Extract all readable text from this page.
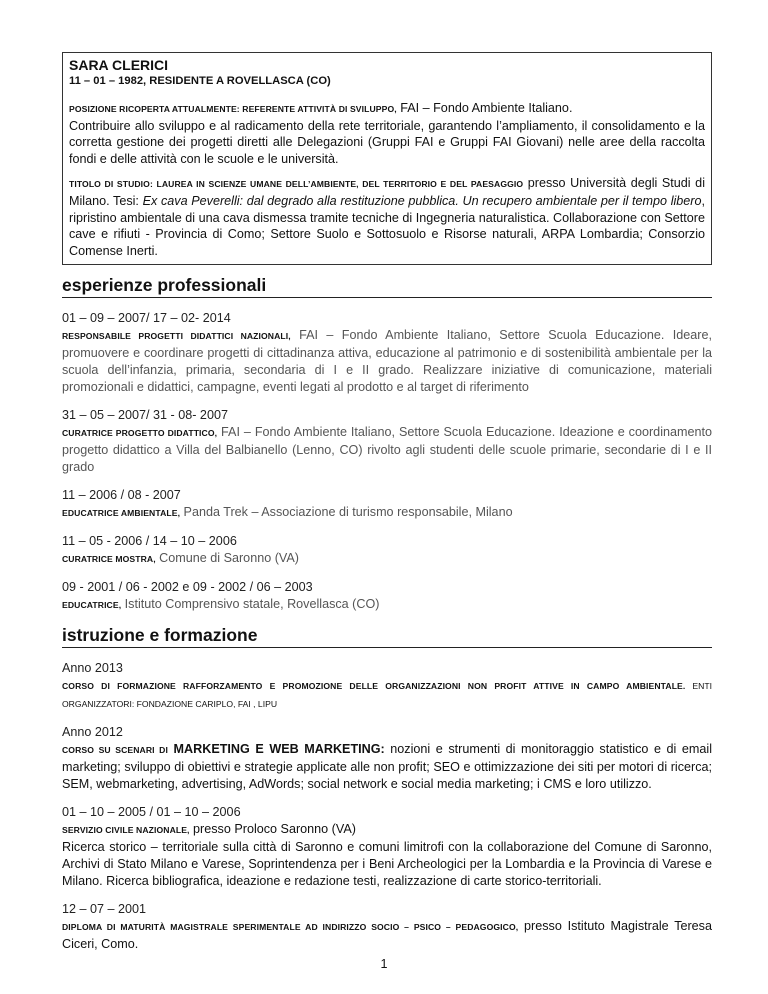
SARA CLERICI
11 – 01 – 1982, RESIDENTE A ROVELLASCA (CO)
POSIZIONE RICOPERTA ATTUALMENTE: REFERENTE ATTIVITÀ DI SVILUPPO, FAI – Fondo Ambiente Italiano.
Contribuire allo sviluppo e al radicamento della rete territoriale, garantendo l’ampliamento, il consolidamento e la corretta gestione dei progetti diretti alle Delegazioni (Gruppi FAI e Gruppi FAI Giovani) nelle aree della raccolta fondi e delle attività con le scuole e le università.
TITOLO DI STUDIO: LAUREA IN SCIENZE UMANE DELL’AMBIENTE, DEL TERRITORIO E DEL PAESAGGIO presso Università degli Studi di Milano. Tesi: Ex cava Peverelli: dal degrado alla restituzione pubblica. Un recupero ambientale per il tempo libero, ripristino ambientale di una cava dismessa tramite tecniche di Ingegneria naturalistica. Collaborazione con Settore cave e rifiuti - Provincia di Como; Settore Suolo e Sottosuolo e Risorse naturali, ARPA Lombardia; Consorzio Comense Inerti.
esperienze professionali
01 – 09 – 2007/ 17 – 02- 2014
RESPONSABILE PROGETTI DIDATTICI NAZIONALI, FAI – Fondo Ambiente Italiano, Settore Scuola Educazione. Ideare, promuovere e coordinare progetti di cittadinanza attiva, educazione al patrimonio e di sostenibilità ambientale per la scuola dell’infanzia, primaria, secondaria di I e II grado. Realizzare iniziative di comunicazione, materiali promozionali e didattici, campagne, eventi legati al prodotto e al target di riferimento
31 – 05 – 2007/ 31 - 08- 2007
CURATRICE PROGETTO DIDATTICO, FAI – Fondo Ambiente Italiano, Settore Scuola Educazione. Ideazione e coordinamento progetto didattico a Villa del Balbianello (Lenno, CO) rivolto agli studenti delle scuole primarie, secondarie di I e II grado
11 – 2006 / 08 - 2007
EDUCATRICE AMBIENTALE, Panda Trek – Associazione di turismo responsabile, Milano
11 – 05 - 2006 / 14 – 10 – 2006
CURATRICE MOSTRA, Comune di Saronno (VA)
09 - 2001 / 06 - 2002 e 09 - 2002 / 06 – 2003
EDUCATRICE, Istituto Comprensivo statale, Rovellasca (CO)
istruzione e formazione
Anno 2013
CORSO DI FORMAZIONE RAFFORZAMENTO E PROMOZIONE DELLE ORGANIZZAZIONI NON PROFIT ATTIVE IN CAMPO AMBIENTALE. ENTI ORGANIZZATORI: FONDAZIONE CARIPLO, FAI , LIPU
Anno 2012
CORSO SU SCENARI DI MARKETING E WEB MARKETING: nozioni e strumenti di monitoraggio statistico e di email marketing; sviluppo di obiettivi e strategie applicate alle non profit; SEO e ottimizzazione dei siti per motori di ricerca; SEM, webmarketing, advertising, AdWords; social network e social media marketing; i CMS e loro utilizzo.
01 – 10 – 2005 / 01 – 10 – 2006
SERVIZIO CIVILE NAZIONALE, presso Proloco Saronno (VA)
Ricerca storico – territoriale sulla città di Saronno e comuni limitrofi con la collaborazione del Comune di Saronno, Archivi di Stato Milano e Varese, Soprintendenza per i Beni Archeologici per la Lombardia e la Provincia di Varese e Milano. Ricerca bibliografica, ideazione e redazione testi, realizzazione di carte storico-territoriali.
12 – 07 – 2001
DIPLOMA DI MATURITÀ MAGISTRALE SPERIMENTALE AD INDIRIZZO SOCIO – PSICO – PEDAGOGICO, presso Istituto Magistrale Teresa Ciceri, Como.
1
